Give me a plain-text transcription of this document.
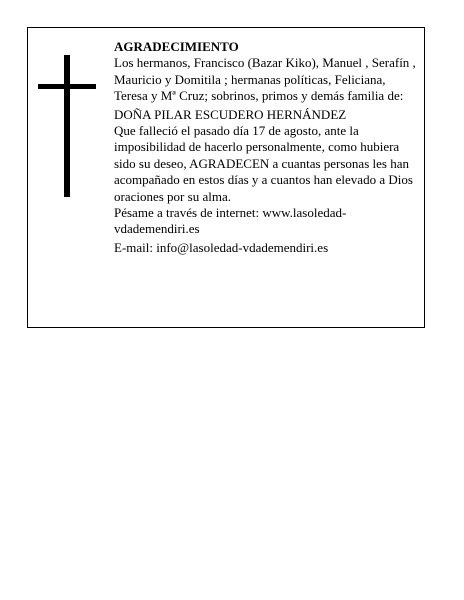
AGRADECIMIENTO

Los hermanos, Francisco (Bazar Kiko), Manuel , Serafín , Mauricio y Domitila ; hermanas políticas, Feliciana, Teresa y Mª Cruz; sobrinos, primos y demás familia de:

DOÑA PILAR ESCUDERO HERNÁNDEZ

Que falleció el pasado día 17 de agosto, ante la imposibilidad de hacerlo personalmente, como hubiera sido su deseo, AGRADECEN a cuantas personas les han acompañado en estos días y a cuantos han elevado a Dios oraciones por su alma.

Pésame a través de internet: www.lasoledad-vdademendiri.es

E-mail: info@lasoledad-vdademendiri.es
